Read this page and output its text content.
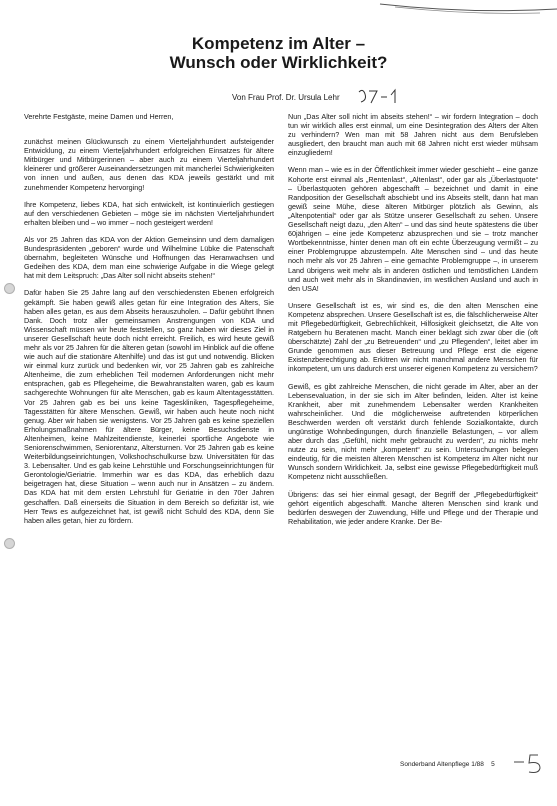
Kompetenz im Alter –
Wunsch oder Wirklichkeit?
Von Frau Prof. Dr. Ursula Lehr

Verehrte Festgäste, meine Damen und Herren,

zunächst meinen Glückwunsch zu einem Vierteljahrhundert aufsteigender Entwicklung, zu einem Vierteljahrhundert erfolgreichen Einsatzes für ältere Mitbürger und Mitbürgerinnen – aber auch zu einem Vierteljahrhundert kleinerer und größerer Auseinandersetzungen mit mancherlei Schwierigkeiten von innen und außen, aus denen das KDA jeweils gestärkt und mit zunehmender Kompetenz hervorging!

Ihre Kompetenz, liebes KDA, hat sich entwickelt, ist kontinuierlich gestiegen auf den verschiedenen Gebieten – möge sie im nächsten Vierteljahrhundert erhalten bleiben und – wo immer – noch gesteigert werden!

Als vor 25 Jahren das KDA von der Aktion Gemeinsinn und dem damaligen Bundespräsidenten „geboren“ wurde und Wilhelmine Lübke die Patenschaft übernahm, begleiteten Wünsche und Hoffnungen das Heranwachsen und Gedeihen des KDA, dem man eine schwierige Aufgabe in die Wiege gelegt hat mit dem Leitspruch: „Das Alter soll nicht abseits stehen!“

Dafür haben Sie 25 Jahre lang auf den verschiedensten Ebenen erfolgreich gekämpft. Sie haben gewiß alles getan für eine Integration des Alters, Sie haben alles getan, es aus dem Abseits herauszuholen. – Dafür gebührt Ihnen Dank. Doch trotz aller gemeinsamen Anstrengungen von KDA und Wissenschaft müssen wir heute feststellen, so ganz haben wir dieses Ziel in unserer Gesellschaft heute doch nicht erreicht. Freilich, es wird heute gewiß mehr als vor 25 Jahren für die älteren getan (sowohl im Hinblick auf die offene wie auch auf die stationäre Altenhilfe) und das ist gut und notwendig. Blicken wir einmal kurz zurück und bedenken wir, vor 25 Jahren gab es zahlreiche Altenheime, die zum erheblichen Teil modernen Anforderungen nicht mehr entsprachen, gab es Pflegeheime, die Bewahranstalten waren, gab es kaum sachgerechte Wohnungen für alte Menschen, gab es kaum Altentagesstätten. Vor 25 Jahren gab es bei uns keine Tageskliniken, Tagespflegeheime, Tagesstätten für ältere Menschen. Gewiß, wir haben auch heute noch nicht genug. Aber wir haben sie wenigstens. Vor 25 Jahren gab es keine speziellen Erholungsmaßnahmen für ältere Bürger, keine Besuchsdienste in Altenheimen, keine Mahlzeitendienste, keinerlei sportliche Angebote wie Seniorenschwimmen, Seniorentanz, Altersturnen. Vor 25 Jahren gab es keine Weiterbildungseinrichtungen, Volkshochschulkurse bzw. Universitäten für das 3. Lebensalter. Und es gab keine Lehrstühle und Forschungseinrichtungen für Gerontologie/Geriatrie. Immerhin war es das KDA, das erheblich dazu beigetragen hat, diese Situation – wenn auch nur in Ansätzen – zu ändern. Das KDA hat mit dem ersten Lehrstuhl für Geriatrie in den 70er Jahren geschaffen. Daß einerseits die Situation in dem Bereich so defizitär ist, wie Herr Tews es aufgezeichnet hat, ist gewiß nicht Schuld des KDA, denn Sie haben alles getan, hier zu fördern.

Nun „Das Alter soll nicht im abseits stehen!“ – wir fordern Integration – doch tun wir wirklich alles erst einmal, um eine Desintegration des Alters der Alten zu verhindern? Wen man mit 58 Jahren nicht aus dem Berufsleben ausgliedert, den braucht man auch mit 68 Jahren nicht erst wieder mühsam einzugliedern!

Wenn man – wie es in der Öffentlichkeit immer wieder geschieht – eine ganze Kohorte erst einmal als „Rentenlast“, „Altenlast“, oder gar als „Überlastquote“ – Überlastquoten gehören abgeschafft – bezeichnet und damit in eine Randposition der Gesellschaft abschiebt und ins Abseits stellt, dann hat man gewiß seine Mühe, diese älteren Mitbürger plötzlich als Gewinn, als „Altenpotential“ oder gar als Stütze unserer Gesellschaft zu sehen. Unsere Gesellschaft neigt dazu, „den Alten“ – und das sind heute spätestens die über 60jährigen – eine jede Kompetenz abzusprechen und sie – trotz mancher Wortbekenntnisse, hinter denen man oft ein echte Überzeugung vermißt – zu einer Problemgruppe abzustempeln. Alte Menschen sind – und das heute noch mehr als vor 25 Jahren – eine gemachte Problemgruppe –, in unserem Land übrigens weit mehr als in anderen östlichen und temöstlichen Ländern und auch weit mehr als in Skandinavien, im westlichen Ausland und auch in den USA!

Unsere Gesellschaft ist es, wir sind es, die den alten Menschen eine Kompetenz absprechen. Unsere Gesellschaft ist es, die fälschlicherweise Alter mit Pflegebedürftigkeit, Gebrechlichkeit, Hilfosigkeit gleichsetzt, die Alte von Ratgebern hu Beratenen macht. Manch einer beklagt sich zwar über die (oft überschätzte) Zahl der „zu Betreuenden“ und „zu Pflegenden“, leitet aber im Grunde genommen aus dieser Betreuung und Pflege erst die eigene Existenzberechtigung ab. Erkitren wir nicht manchmal andere Menschen für inkompetent, um uns dadurch erst unserer eigenen Kompetenz zu versichern?

Gewiß, es gibt zahlreiche Menschen, die nicht gerade im Alter, aber an der Lebensevaluation, in der sie sich im Alter befinden, leiden. Alter ist keine Krankheit, aber mit zunehmendem Lebensalter werden Krankheiten wahrscheinlicher. Und die möglicherweise auftretenden körperlichen Beschwerden werden oft verstärkt durch fehlende Sozialkontakte, durch ungünstige Wohnbedingungen, durch finanzielle Belastungen, – vor allem aber durch das „Gefühl, nicht mehr gebraucht zu werden“, zu nichts mehr nutze zu sein, nicht mehr „kompetent“ zu sein. Untersuchungen belegen eindeutig, für die meisten älteren Menschen ist Kompetenz im Alter nicht nur Wunsch sondern Wirklichkeit. Ja, selbst eine gewisse Pflegebedürftigkeit muß Kompetenz nicht ausschließen.

Übrigens: das sei hier einmal gesagt, der Begriff der „Pflegebedürftigkeit“ gehört eigentlich abgeschafft. Manche älteren Menschen sind krank und bedürfen deswegen der Zuwendung, Hilfe und Pflege und der Therapie und Rehabilitation, wie jeder andere Kranke. Der Be-

Sonderband Altenpflege 1/88 5
